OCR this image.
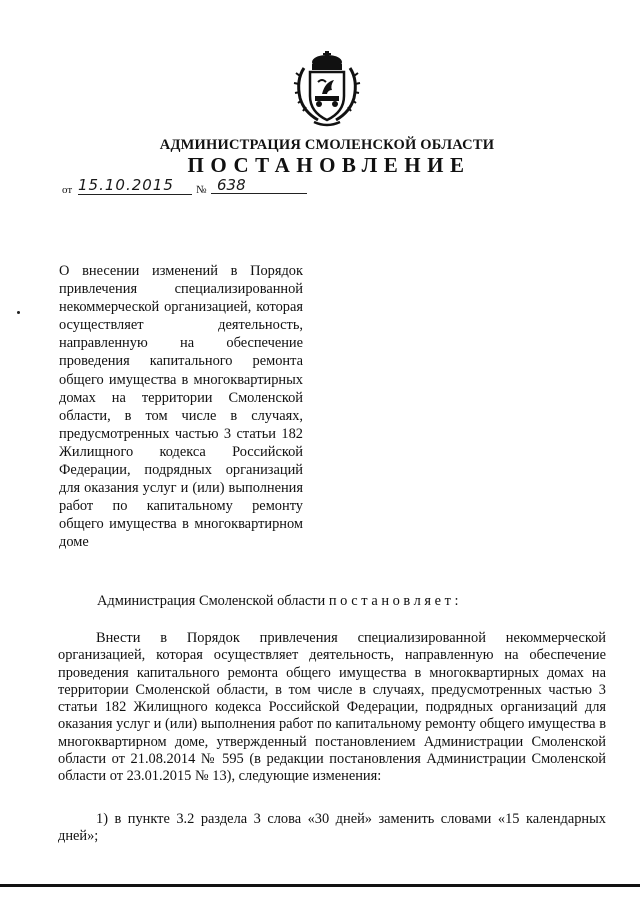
АДМИНИСТРАЦИЯ СМОЛЕНСКОЙ ОБЛАСТИ
ПОСТАНОВЛЕНИЕ
от 15.10.2015	№ 638
О внесении изменений в Порядок привлечения специализированной некоммерческой организацией, которая осуществляет деятельность, направленную на обеспечение проведения капитального ремонта общего имущества в многоквартирных домах на территории Смоленской области, в том числе в случаях, предусмотренных частью 3 статьи 182 Жилищного кодекса Российской Федерации, подрядных организаций для оказания услуг и (или) выполнения работ по капитальному ремонту общего имущества в многоквартирном доме
Администрация Смоленской области постановляет:
Внести в Порядок привлечения специализированной некоммерческой организацией, которая осуществляет деятельность, направленную на обеспечение проведения капитального ремонта общего имущества в многоквартирных домах на территории Смоленской области, в том числе в случаях, предусмотренных частью 3 статьи 182 Жилищного кодекса Российской Федерации, подрядных организаций для оказания услуг и (или) выполнения работ по капитальному ремонту общего имущества в многоквартирном доме, утвержденный постановлением Администрации Смоленской области от 21.08.2014 № 595 (в редакции постановления Администрации Смоленской области от 23.01.2015 № 13), следующие изменения:
1) в пункте 3.2 раздела 3 слова «30 дней» заменить словами «15 календарных дней»;
